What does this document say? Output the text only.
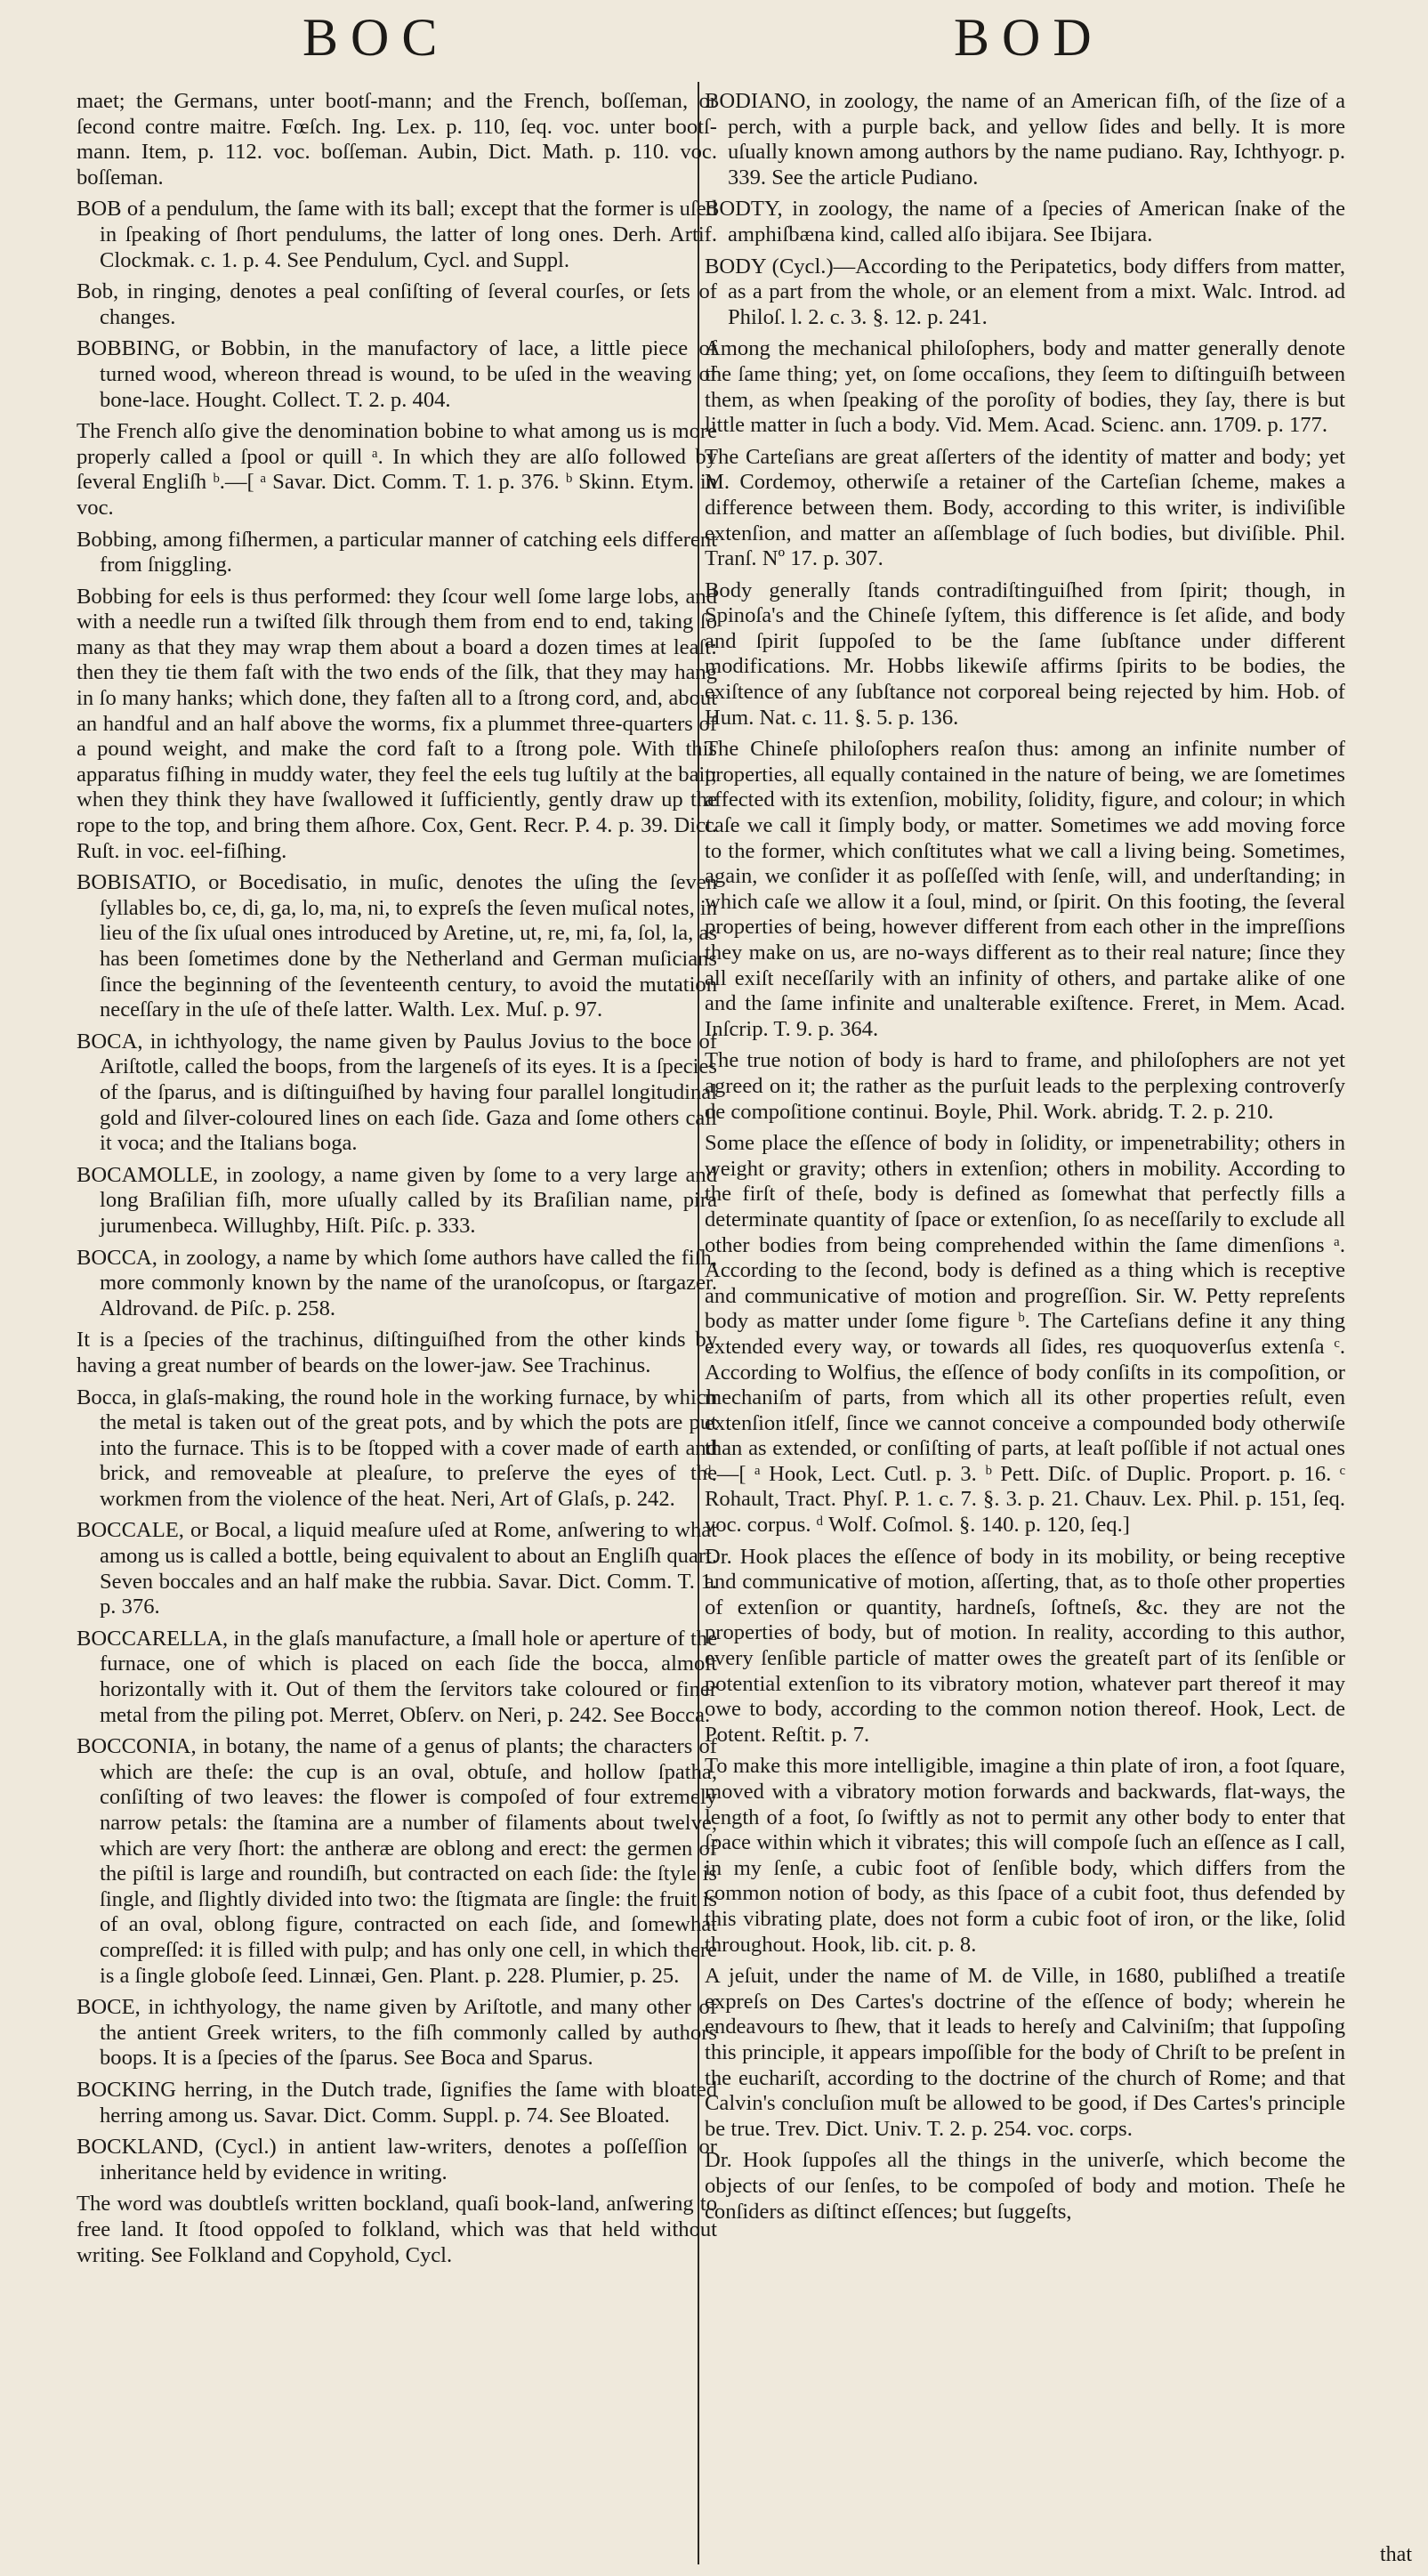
BOC	BOD

maet; the Germans, unter bootſ-mann; and the French, boſſeman, or ſecond contre maitre. Fœſch. Ing. Lex. p. 110, ſeq. voc. unter bootſ-mann. Item, p. 112. voc. boſſeman. Aubin, Dict. Math. p. 110. voc. boſſeman.

BOB of a pendulum, the ſame with its ball; except that the former is uſed in ſpeaking of ſhort pendulums, the latter of long ones. Derh. Artif. Clockmak. c. 1. p. 4. See Pendulum, Cycl. and Suppl.

Bob, in ringing, denotes a peal conſiſting of ſeveral courſes, or ſets of changes.

BOBBING, or Bobbin, in the manufactory of lace, a little piece of turned wood, whereon thread is wound, to be uſed in the weaving of bone-lace. Hought. Collect. T. 2. p. 404.

The French alſo give the denomination bobine to what among us is more properly called a ſpool or quill ᵃ. In which they are alſo followed by ſeveral Engliſh ᵇ.—[ ᵃ Savar. Dict. Comm. T. 1. p. 376. ᵇ Skinn. Etym. in voc.

Bobbing, among fiſhermen, a particular manner of catching eels different from ſniggling.

Bobbing for eels is thus performed: they ſcour well ſome large lobs, and with a needle run a twiſted ſilk through them from end to end, taking ſo many as that they may wrap them about a board a dozen times at leaſt: then they tie them faſt with the two ends of the ſilk, that they may hang in ſo many hanks; which done, they faſten all to a ſtrong cord, and, about an handful and an half above the worms, fix a plummet three-quarters of a pound weight, and make the cord faſt to a ſtrong pole. With this apparatus fiſhing in muddy water, they feel the eels tug luſtily at the bait; when they think they have ſwallowed it ſufficiently, gently draw up the rope to the top, and bring them aſhore. Cox, Gent. Recr. P. 4. p. 39. Dict. Ruſt. in voc. eel-fiſhing.

BOBISATIO, or Bocedisatio, in muſic, denotes the uſing the ſeven ſyllables bo, ce, di, ga, lo, ma, ni, to expreſs the ſeven muſical notes, in lieu of the ſix uſual ones introduced by Aretine, ut, re, mi, fa, ſol, la, as has been ſometimes done by the Netherland and German muſicians ſince the beginning of the ſeventeenth century, to avoid the mutation neceſſary in the uſe of theſe latter. Walth. Lex. Muſ. p. 97.

BOCA, in ichthyology, the name given by Paulus Jovius to the boce of Ariſtotle, called the boops, from the largeneſs of its eyes. It is a ſpecies of the ſparus, and is diſtinguiſhed by having four parallel longitudinal gold and ſilver-coloured lines on each ſide. Gaza and ſome others call it voca; and the Italians boga.

BOCAMOLLE, in zoology, a name given by ſome to a very large and long Braſilian fiſh, more uſually called by its Braſilian name, pira jurumenbeca. Willughby, Hiſt. Piſc. p. 333.

BOCCA, in zoology, a name by which ſome authors have called the fiſh, more commonly known by the name of the uranoſcopus, or ſtargazer. Aldrovand. de Piſc. p. 258.

It is a ſpecies of the trachinus, diſtinguiſhed from the other kinds by having a great number of beards on the lower-jaw. See Trachinus.

Bocca, in glaſs-making, the round hole in the working furnace, by which the metal is taken out of the great pots, and by which the pots are put into the furnace. This is to be ſtopped with a cover made of earth and brick, and removeable at pleaſure, to preſerve the eyes of the workmen from the violence of the heat. Neri, Art of Glaſs, p. 242.

BOCCALE, or Bocal, a liquid meaſure uſed at Rome, anſwering to what among us is called a bottle, being equivalent to about an Engliſh quart. Seven boccales and an half make the rubbia. Savar. Dict. Comm. T. 1. p. 376.

BOCCARELLA, in the glaſs manufacture, a ſmall hole or aperture of the furnace, one of which is placed on each ſide the bocca, almoſt horizontally with it. Out of them the ſervitors take coloured or finer metal from the piling pot. Merret, Obſerv. on Neri, p. 242. See Bocca.

BOCCONIA, in botany, the name of a genus of plants; the characters of which are theſe: the cup is an oval, obtuſe, and hollow ſpatha, conſiſting of two leaves: the flower is compoſed of four extremely narrow petals: the ſtamina are a number of filaments about twelve, which are very ſhort: the antheræ are oblong and erect: the germen of the piſtil is large and roundiſh, but contracted on each ſide: the ſtyle is ſingle, and ſlightly divided into two: the ſtigmata are ſingle: the fruit is of an oval, oblong figure, contracted on each ſide, and ſomewhat compreſſed: it is filled with pulp; and has only one cell, in which there is a ſingle globoſe ſeed. Linnæi, Gen. Plant. p. 228. Plumier, p. 25.

BOCE, in ichthyology, the name given by Ariſtotle, and many other of the antient Greek writers, to the fiſh commonly called by authors boops. It is a ſpecies of the ſparus. See Boca and Sparus.

BOCKING herring, in the Dutch trade, ſignifies the ſame with bloated herring among us. Savar. Dict. Comm. Suppl. p. 74. See Bloated.

BOCKLAND, (Cycl.) in antient law-writers, denotes a poſſeſſion or inheritance held by evidence in writing.

The word was doubtleſs written bockland, quaſi book-land, anſwering to free land. It ſtood oppoſed to folkland, which was that held without writing. See Folkland and Copyhold, Cycl.

BODIANO, in zoology, the name of an American fiſh, of the ſize of a perch, with a purple back, and yellow ſides and belly. It is more uſually known among authors by the name pudiano. Ray, Ichthyogr. p. 339. See the article Pudiano.

BODTY, in zoology, the name of a ſpecies of American ſnake of the amphiſbæna kind, called alſo ibijara. See Ibijara.

BODY (Cycl.)—According to the Peripatetics, body differs from matter, as a part from the whole, or an element from a mixt. Walc. Introd. ad Philoſ. l. 2. c. 3. §. 12. p. 241.

Among the mechanical philoſophers, body and matter generally denote the ſame thing; yet, on ſome occaſions, they ſeem to diſtinguiſh between them, as when ſpeaking of the poroſity of bodies, they ſay, there is but little matter in ſuch a body. Vid. Mem. Acad. Scienc. ann. 1709. p. 177.

The Carteſians are great aſſerters of the identity of matter and body; yet M. Cordemoy, otherwiſe a retainer of the Carteſian ſcheme, makes a difference between them. Body, according to this writer, is indiviſible extenſion, and matter an aſſemblage of ſuch bodies, but diviſible. Phil. Tranſ. Nº 17. p. 307.

Body generally ſtands contradiſtinguiſhed from ſpirit; though, in Spinoſa's and the Chineſe ſyſtem, this difference is ſet aſide, and body and ſpirit ſuppoſed to be the ſame ſubſtance under different modifications. Mr. Hobbs likewiſe affirms ſpirits to be bodies, the exiſtence of any ſubſtance not corporeal being rejected by him. Hob. of Hum. Nat. c. 11. §. 5. p. 136.

The Chineſe philoſophers reaſon thus: among an infinite number of properties, all equally contained in the nature of being, we are ſometimes affected with its extenſion, mobility, ſolidity, figure, and colour; in which caſe we call it ſimply body, or matter. Sometimes we add moving force to the former, which conſtitutes what we call a living being. Sometimes, again, we conſider it as poſſeſſed with ſenſe, will, and underſtanding; in which caſe we allow it a ſoul, mind, or ſpirit. On this footing, the ſeveral properties of being, however different from each other in the impreſſions they make on us, are no-ways different as to their real nature; ſince they all exiſt neceſſarily with an infinity of others, and partake alike of one and the ſame infinite and unalterable exiſtence. Freret, in Mem. Acad. Inſcrip. T. 9. p. 364.

The true notion of body is hard to frame, and philoſophers are not yet agreed on it; the rather as the purſuit leads to the perplexing controverſy de compoſitione continui. Boyle, Phil. Work. abridg. T. 2. p. 210.

Some place the eſſence of body in ſolidity, or impenetrability; others in weight or gravity; others in extenſion; others in mobility. According to the firſt of theſe, body is defined as ſomewhat that perfectly fills a determinate quantity of ſpace or extenſion, ſo as neceſſarily to exclude all other bodies from being comprehended within the ſame dimenſions ᵃ. According to the ſecond, body is defined as a thing which is receptive and communicative of motion and progreſſion. Sir. W. Petty repreſents body as matter under ſome figure ᵇ. The Carteſians define it any thing extended every way, or towards all ſides, res quoquoverſus extenſa ᶜ. According to Wolfius, the eſſence of body conſiſts in its compoſition, or mechaniſm of parts, from which all its other properties reſult, even extenſion itſelf, ſince we cannot conceive a compounded body otherwiſe than as extended, or conſiſting of parts, at leaſt poſſible if not actual ones ᵈ.—[ ᵃ Hook, Lect. Cutl. p. 3. ᵇ Pett. Diſc. of Duplic. Proport. p. 16. ᶜ Rohault, Tract. Phyſ. P. 1. c. 7. §. 3. p. 21. Chauv. Lex. Phil. p. 151, ſeq. voc. corpus. ᵈ Wolf. Coſmol. §. 140. p. 120, ſeq.]

Dr. Hook places the eſſence of body in its mobility, or being receptive and communicative of motion, aſſerting, that, as to thoſe other properties of extenſion or quantity, hardneſs, ſoftneſs, &c. they are not the properties of body, but of motion. In reality, according to this author, every ſenſible particle of matter owes the greateſt part of its ſenſible or potential extenſion to its vibratory motion, whatever part thereof it may owe to body, according to the common notion thereof. Hook, Lect. de Potent. Reſtit. p. 7.

To make this more intelligible, imagine a thin plate of iron, a foot ſquare, moved with a vibratory motion forwards and backwards, flat-ways, the length of a foot, ſo ſwiftly as not to permit any other body to enter that ſpace within which it vibrates; this will compoſe ſuch an eſſence as I call, in my ſenſe, a cubic foot of ſenſible body, which differs from the common notion of body, as this ſpace of a cubit foot, thus defended by this vibrating plate, does not form a cubic foot of iron, or the like, ſolid throughout. Hook, lib. cit. p. 8.

A jeſuit, under the name of M. de Ville, in 1680, publiſhed a treatiſe expreſs on Des Cartes's doctrine of the eſſence of body; wherein he endeavours to ſhew, that it leads to hereſy and Calviniſm; that ſuppoſing this principle, it appears impoſſible for the body of Chriſt to be preſent in the euchariſt, according to the doctrine of the church of Rome; and that Calvin's concluſion muſt be allowed to be good, if Des Cartes's principle be true. Trev. Dict. Univ. T. 2. p. 254. voc. corps.

Dr. Hook ſuppoſes all the things in the univerſe, which become the objects of our ſenſes, to be compoſed of body and motion. Theſe he conſiders as diſtinct eſſences; but ſuggeſts,

that
